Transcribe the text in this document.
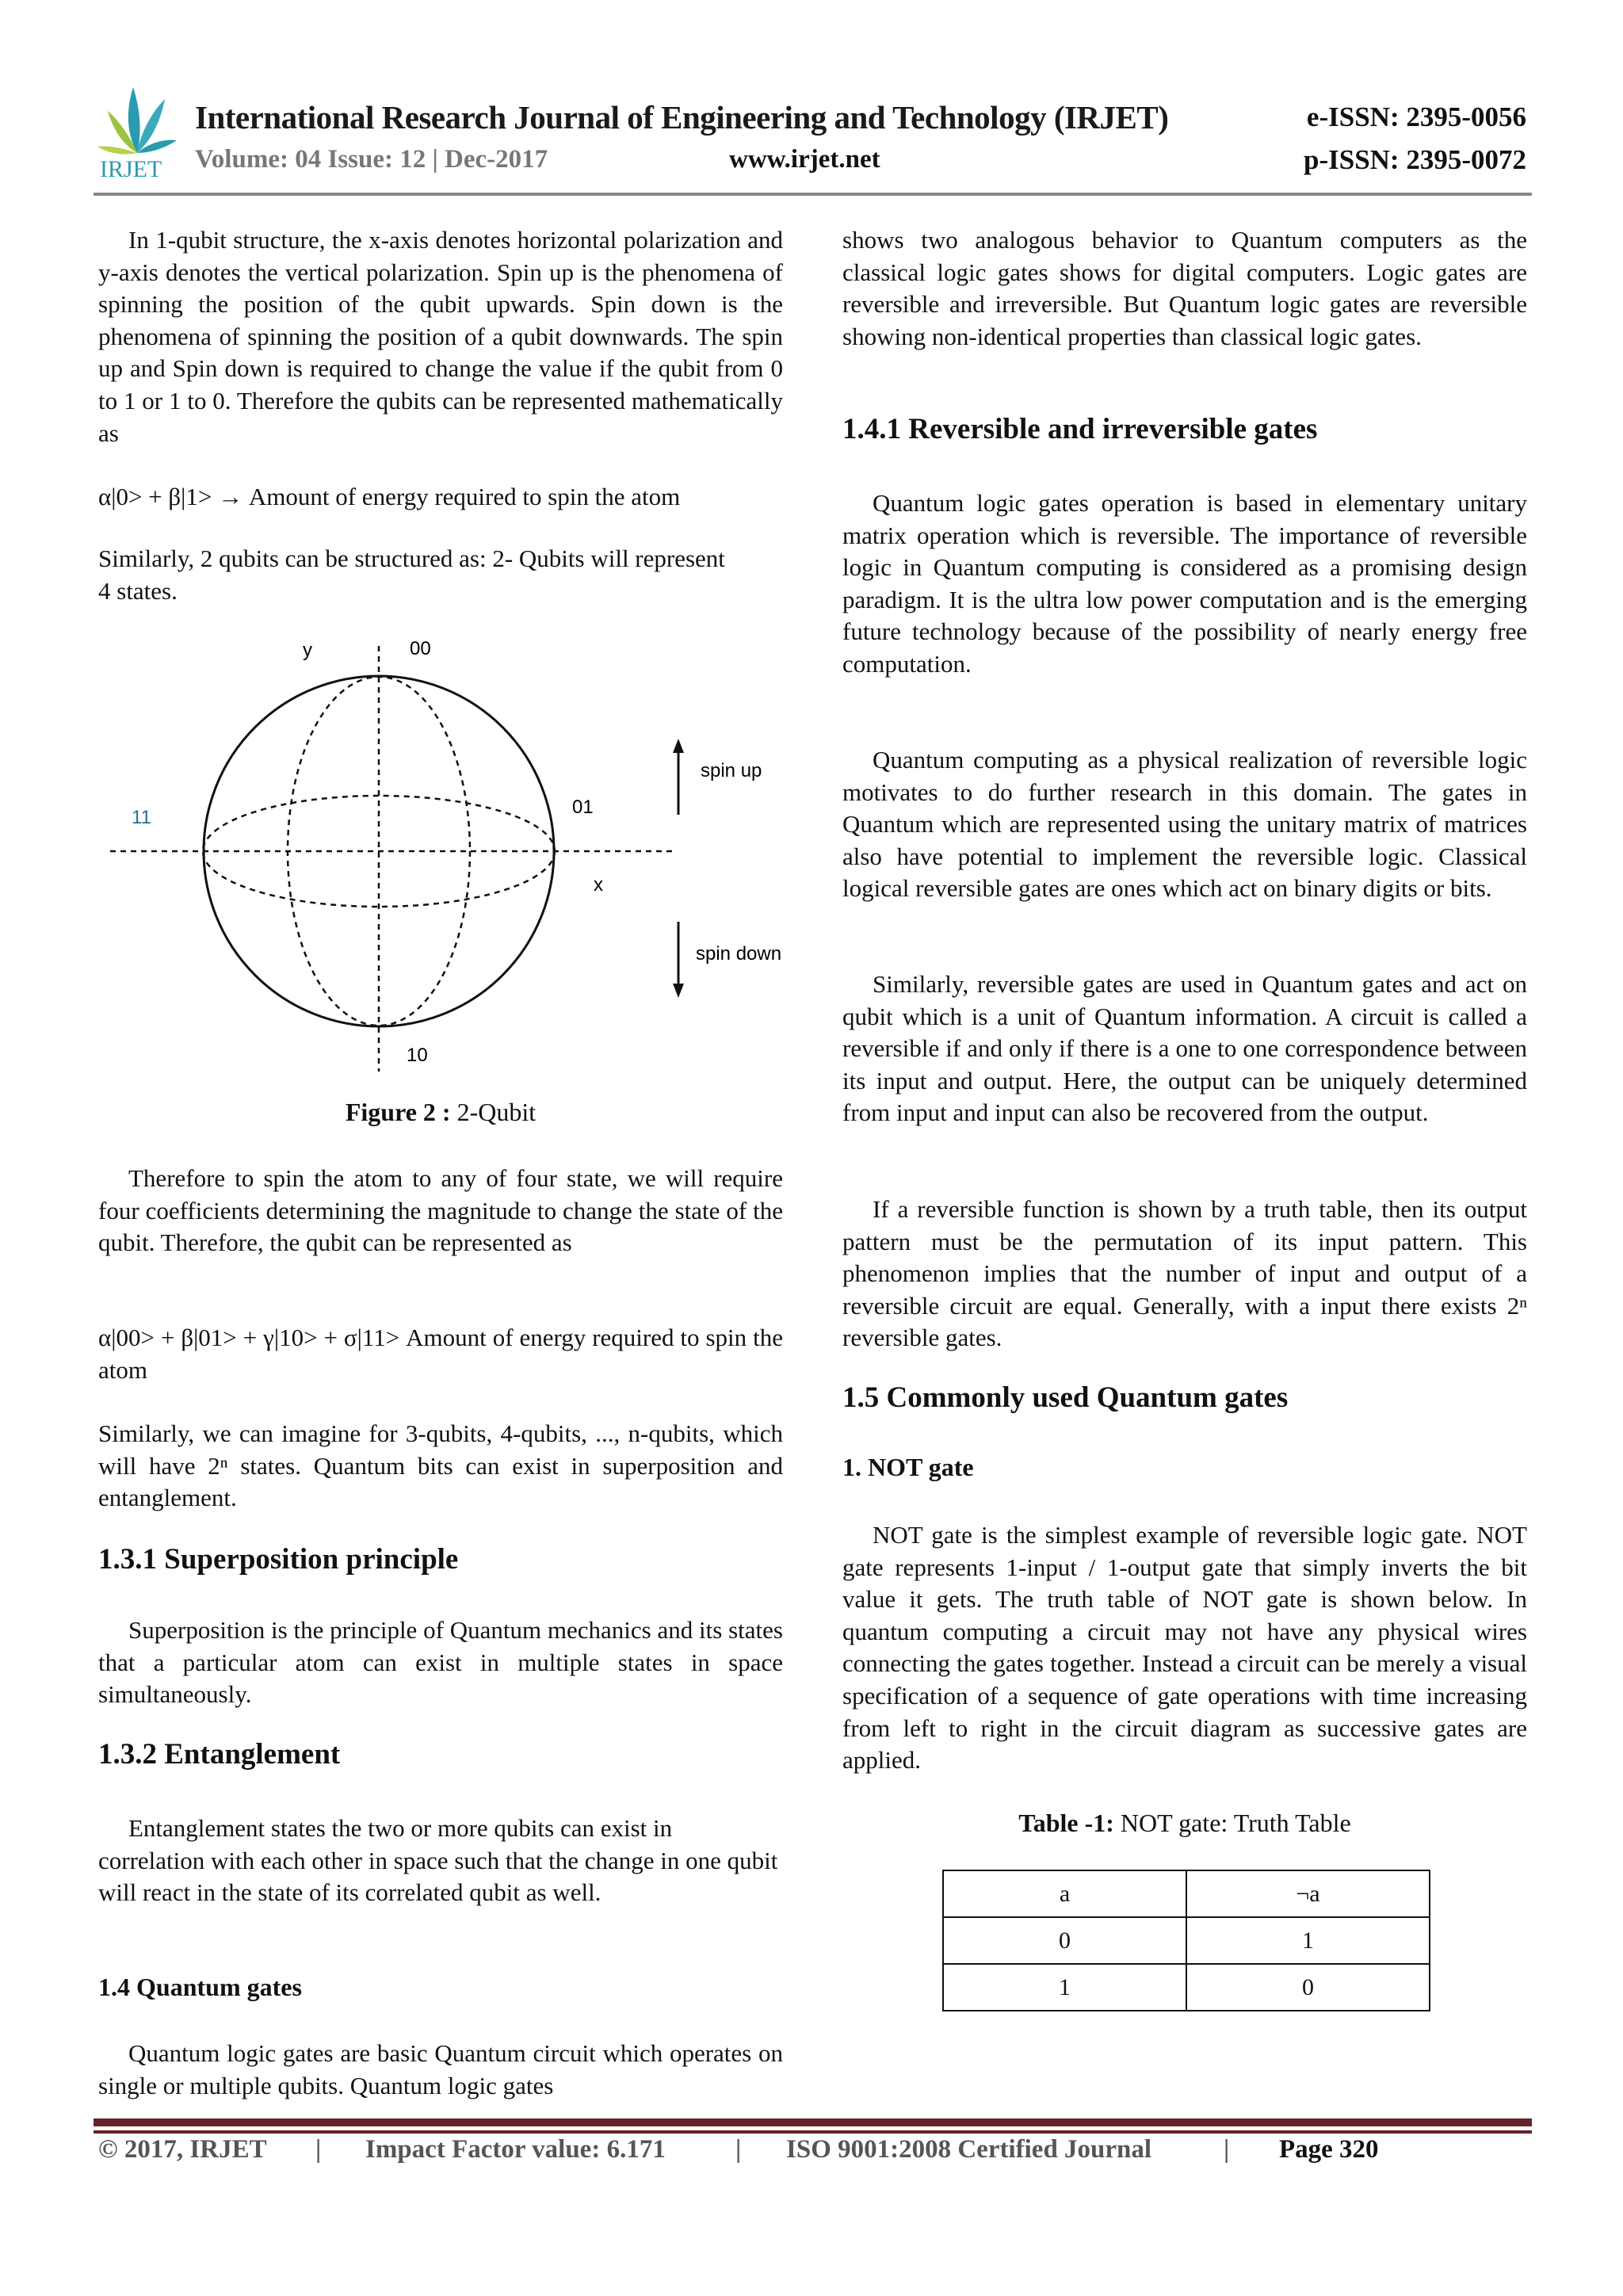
IRJET
International Research Journal of Engineering and Technology (IRJET)
Volume: 04 Issue: 12 | Dec-2017	www.irjet.net
e-ISSN: 2395-0056
p-ISSN: 2395-0072

In 1-qubit structure, the x-axis denotes horizontal polarization and y-axis denotes the vertical polarization. Spin up is the phenomena of spinning the position of the qubit upwards. Spin down is the phenomena of spinning the position of a qubit downwards. The spin up and Spin down is required to change the value if the qubit from 0 to 1 or 1 to 0. Therefore the qubits can be represented mathematically as

α|0> + β|1> → Amount of energy required to spin the atom

Similarly, 2 qubits can be structured as: 2- Qubits will represent 4 states.

y	00
11	01
x
10
spin up
spin down
Figure 2 : 2-Qubit

Therefore to spin the atom to any of four state, we will require four coefficients determining the magnitude to change the state of the qubit. Therefore, the qubit can be represented as

α|00> + β|01> + γ|10> + σ|11> Amount of energy required to spin the atom

Similarly, we can imagine for 3-qubits, 4-qubits, ..., n-qubits, which will have 2ⁿ states. Quantum bits can exist in superposition and entanglement.

1.3.1 Superposition principle

Superposition is the principle of Quantum mechanics and its states that a particular atom can exist in multiple states in space simultaneously.

1.3.2 Entanglement

Entanglement states the two or more qubits can exist in correlation with each other in space such that the change in one qubit will react in the state of its correlated qubit as well.

1.4 Quantum gates

Quantum logic gates are basic Quantum circuit which operates on single or multiple qubits. Quantum logic gates

shows two analogous behavior to Quantum computers as the classical logic gates shows for digital computers. Logic gates are reversible and irreversible. But Quantum logic gates are reversible showing non-identical properties than classical logic gates.

1.4.1 Reversible and irreversible gates

Quantum logic gates operation is based in elementary unitary matrix operation which is reversible. The importance of reversible logic in Quantum computing is considered as a promising design paradigm. It is the ultra low power computation and is the emerging future technology because of the possibility of nearly energy free computation.

Quantum computing as a physical realization of reversible logic motivates to do further research in this domain. The gates in Quantum which are represented using the unitary matrix of matrices also have potential to implement the reversible logic. Classical logical reversible gates are ones which act on binary digits or bits.

Similarly, reversible gates are used in Quantum gates and act on qubit which is a unit of Quantum information. A circuit is called a reversible if and only if there is a one to one correspondence between its input and output. Here, the output can be uniquely determined from input and input can also be recovered from the output.

If a reversible function is shown by a truth table, then its output pattern must be the permutation of its input pattern. This phenomenon implies that the number of input and output of a reversible circuit are equal. Generally, with a input there exists 2ⁿ reversible gates.

1.5 Commonly used Quantum gates
1. NOT gate

NOT gate is the simplest example of reversible logic gate. NOT gate represents 1-input / 1-output gate that simply inverts the bit value it gets. The truth table of NOT gate is shown below. In quantum computing a circuit may not have any physical wires connecting the gates together. Instead a circuit can be merely a visual specification of a sequence of gate operations with time increasing from left to right in the circuit diagram as successive gates are applied.

Table -1: NOT gate: Truth Table
a	¬a
0	1
1	0
© 2017, IRJET | Impact Factor value: 6.171	| ISO 9001:2008 Certified Journal	| Page 320
